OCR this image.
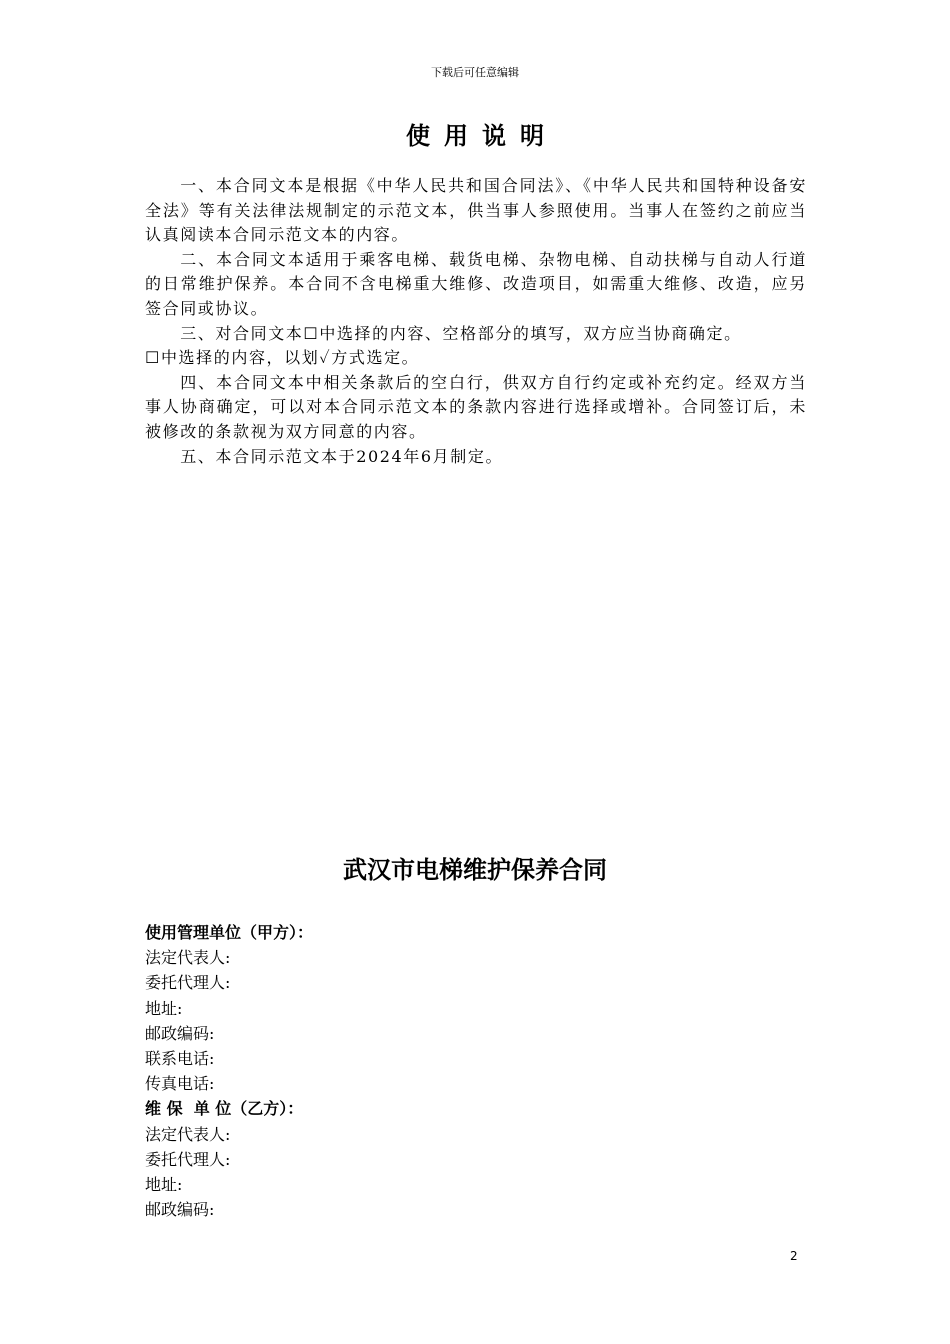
下载后可任意编辑
使用说明

一、本合同文本是根据《中华人民共和国合同法》、《中华人民共和国特种设备安全法》等有关法律法规制定的示范文本，供当事人参照使用。当事人在签约之前应当认真阅读本合同示范文本的内容。

二、本合同文本适用于乘客电梯、载货电梯、杂物电梯、自动扶梯与自动人行道的日常维护保养。本合同不含电梯重大维修、改造项目，如需重大维修、改造，应另签合同或协议。

三、对合同文本☐中选择的内容、空格部分的填写，双方应当协商确定。

☐中选择的内容，以划✓方式选定。

四、本合同文本中相关条款后的空白行，供双方自行约定或补充约定。经双方当事人协商确定，可以对本合同示范文本的条款内容进行选择或增补。合同签订后，未被修改的条款视为双方同意的内容。

五、本合同示范文本于2024年6月制定。

武汉市电梯维护保养合同
使用管理单位（甲方）：
法定代表人:
委托代理人:
地址:
邮政编码:
联系电话:
传真电话:
维 保  单 位（乙方）：
法定代表人:
委托代理人:
地址:
邮政编码:
2
